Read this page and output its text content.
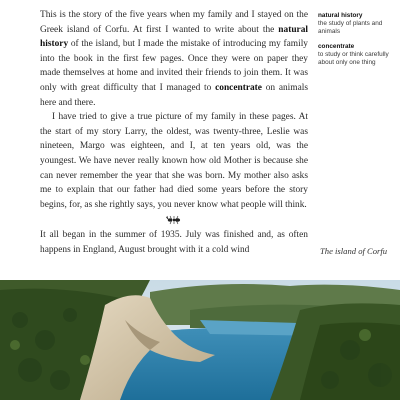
This is the story of the five years when my family and I stayed on the Greek island of Corfu. At first I wanted to write about the natural history of the island, but I made the mistake of introducing my family into the book in the first few pages. Once they were on paper they made themselves at home and invited their friends to join them. It was only with great difficulty that I managed to concentrate on animals here and there.

I have tried to give a true picture of my family in these pages. At the start of my story Larry, the oldest, was twenty-three, Leslie was nineteen, Margo was eighteen, and I, at ten years old, was the youngest. We have never really known how old Mother is because she can never remember the year that she was born. My mother also asks me to explain that our father had died some years before the story begins, for, as she rightly says, you never know what people will think.

It all began in the summer of 1935. July was finished and, as often happens in England, August brought with it a cold wind

natural history
the study of plants and animals
concentrate
to study or think carefully about only one thing
The island of Corfu
